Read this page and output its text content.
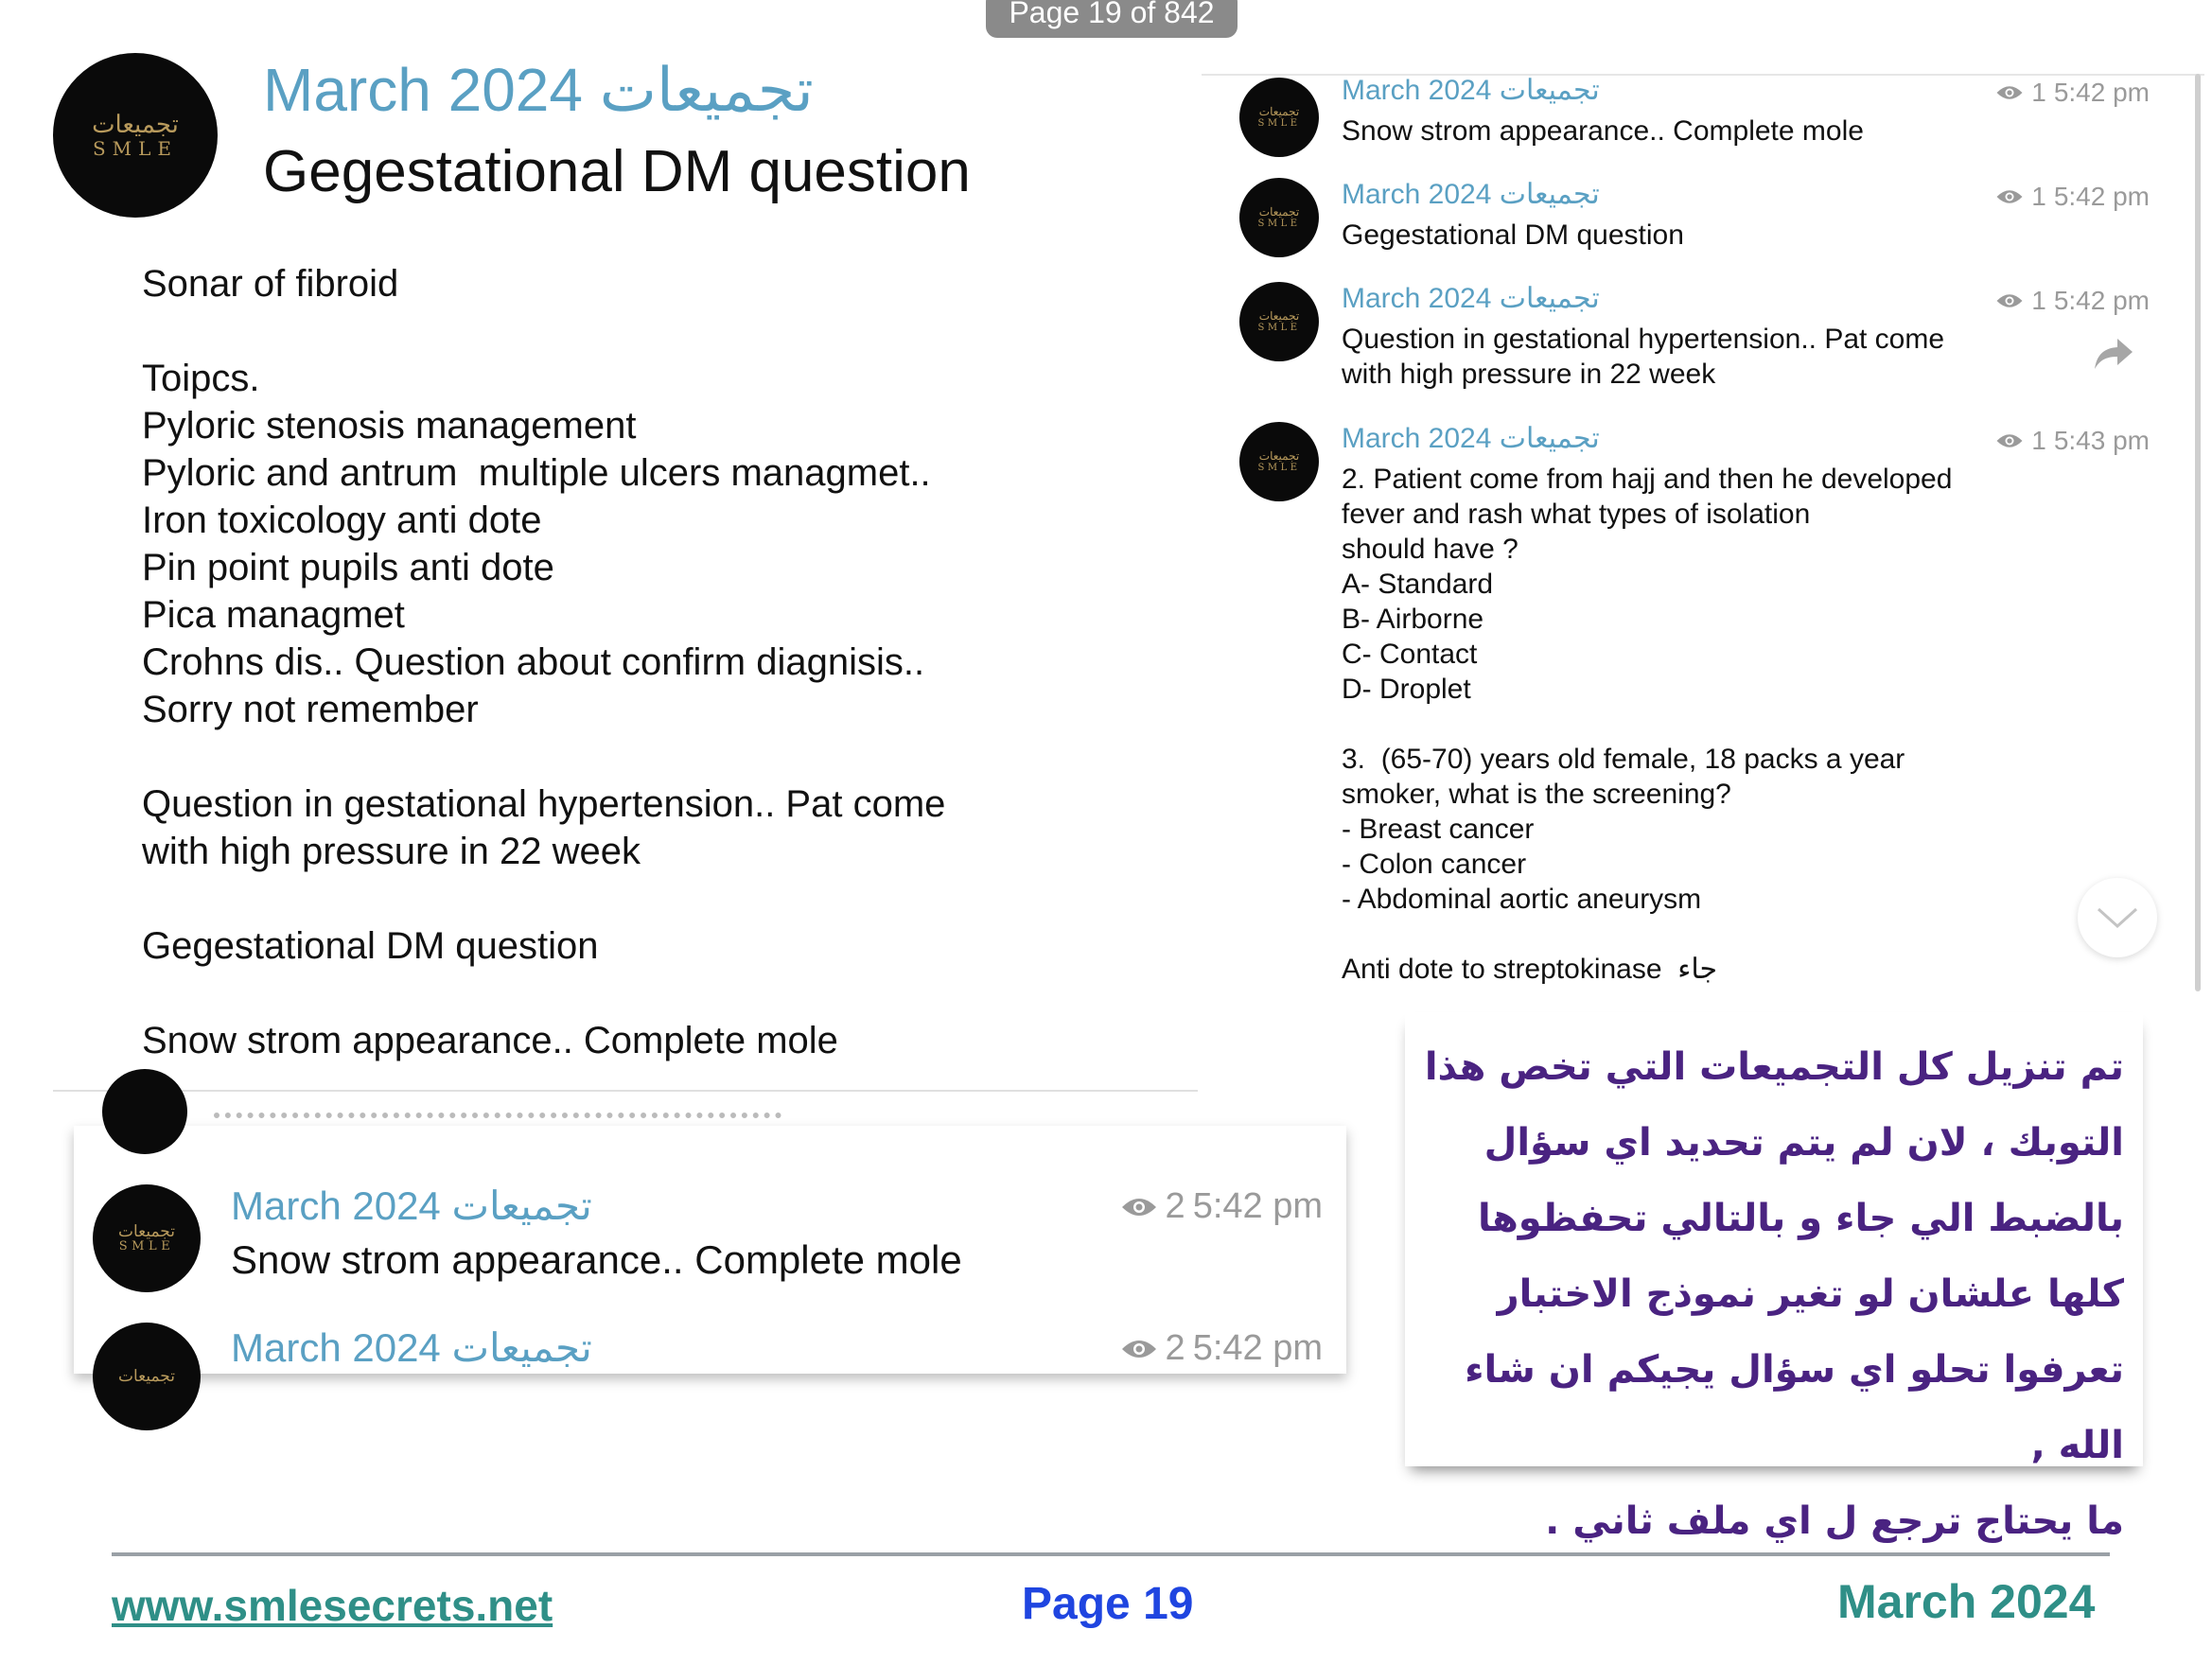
Page 19 of 842
تجميعات
SMLE
March 2024 تجميعات
Gegestational DM question
Sonar of fibroid

Toipcs.
Pyloric stenosis management
Pyloric and antrum  multiple ulcers managmet..
Iron toxicology anti dote
Pin point pupils anti dote
Pica managmet
Crohns dis.. Question about confirm diagnisis..
Sorry not remember

Question in gestational hypertension.. Pat come
with high pressure in 22 week

Gegestational DM question

Snow strom appearance.. Complete mole
تجميعات
SMLE
March 2024 تجميعات	2 5:42 pm
Snow strom appearance.. Complete mole
تجميعات
March 2024 تجميعات	2 5:42 pm
تجميعات
SMLE
March 2024 تجميعات	1 5:42 pm
Snow strom appearance.. Complete mole
تجميعات
SMLE
March 2024 تجميعات	1 5:42 pm
Gegestational DM question
تجميعات
SMLE
March 2024 تجميعات	1 5:42 pm
Question in gestational hypertension.. Pat come
with high pressure in 22 week
تجميعات
SMLE
March 2024 تجميعات	1 5:43 pm
2. Patient come from hajj and then he developed
fever and rash what types of isolation
should have ?
A- Standard
B- Airborne
C- Contact
D- Droplet

3.  (65-70) years old female, 18 packs a year
smoker, what is the screening?
- Breast cancer
- Colon cancer
- Abdominal aortic aneurysm

Anti dote to streptokinase  جاء
تم تنزيل كل التجميعات التي تخص هذا
التوبك ، لان لم يتم تحديد اي سؤال
بالضبط الي جاء و بالتالي تحفظوها
كلها علشان لو تغير نموذج الاختبار
تعرفوا تحلو اي سؤال يجيكم ان شاء الله ,
ما يحتاج ترجع ل اي ملف ثاني .
www.smlesecrets.net	Page 19	March 2024
